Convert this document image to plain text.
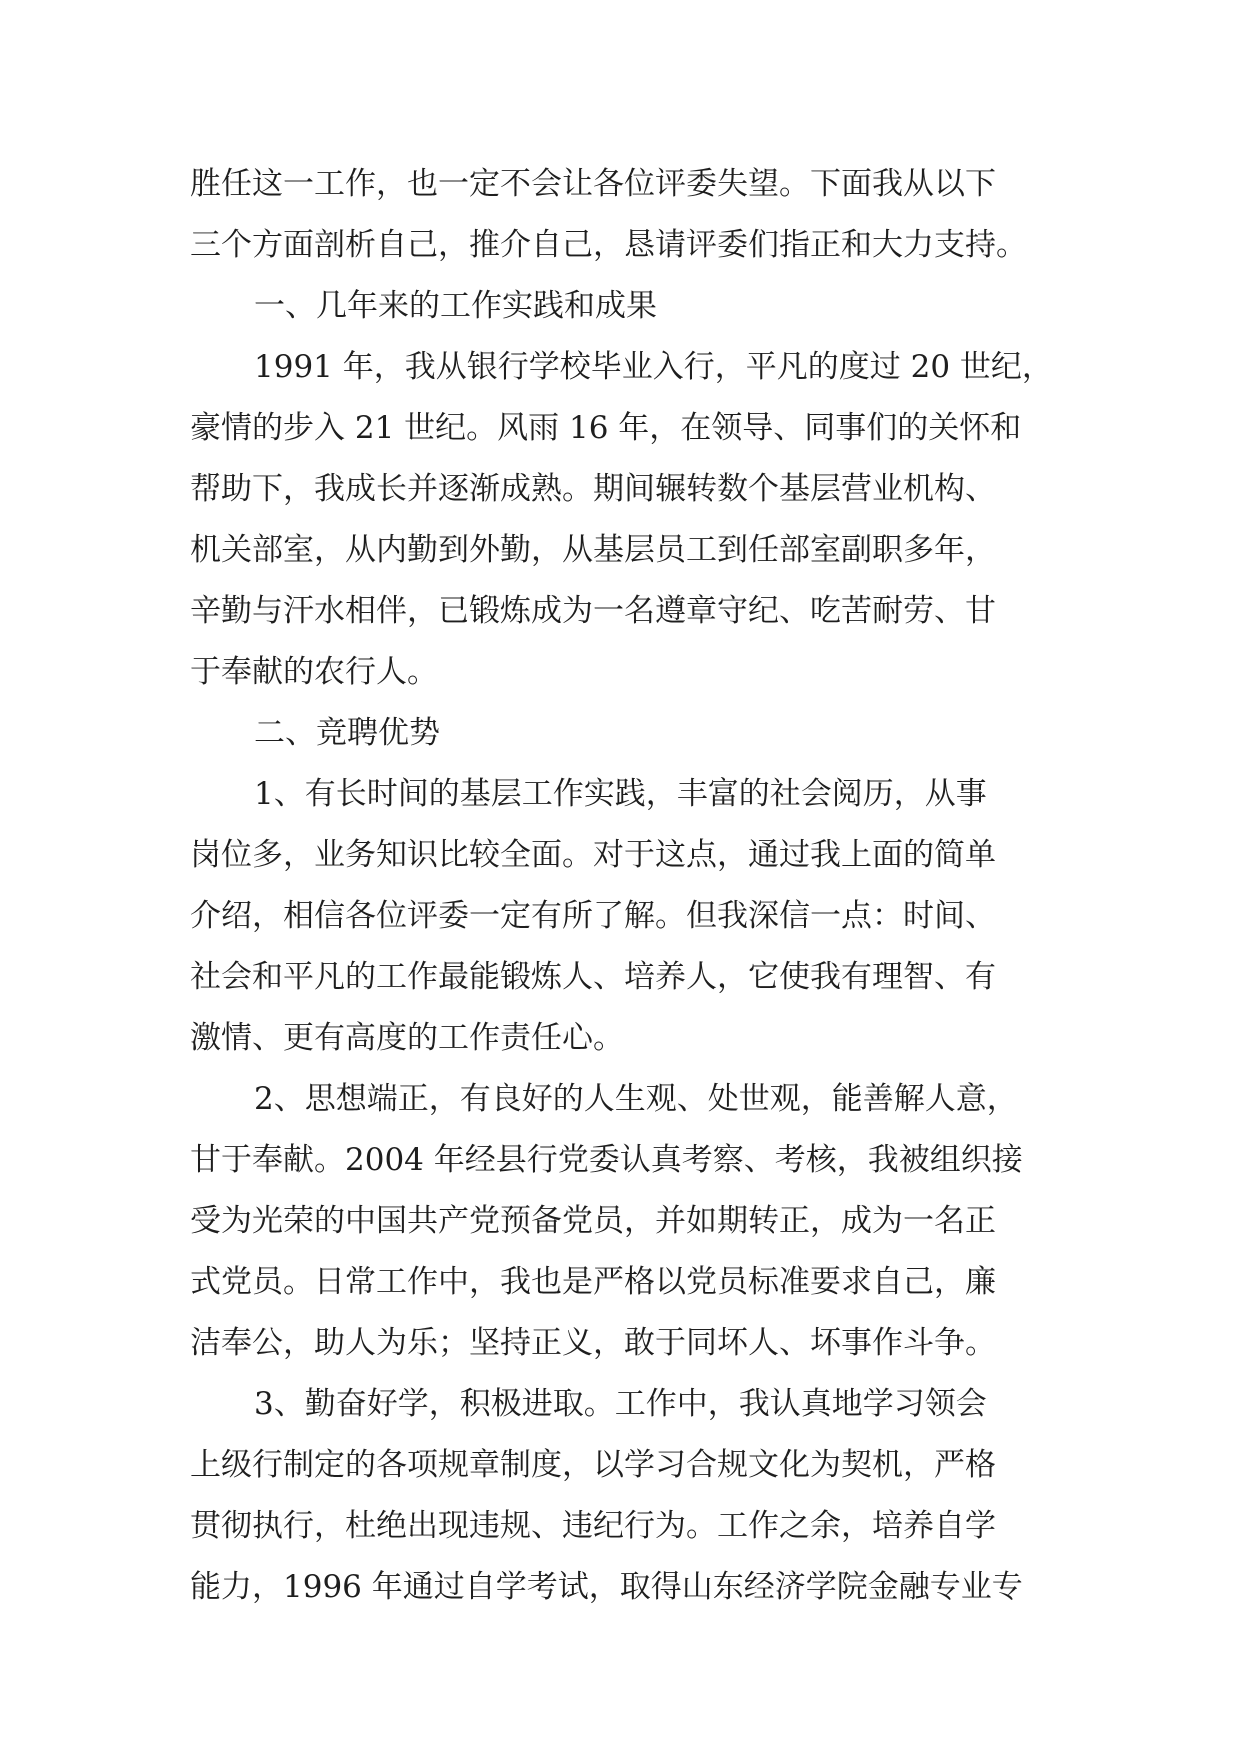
胜任这一工作，也一定不会让各位评委失望。下面我从以下
三个方面剖析自己，推介自己，恳请评委们指正和大力支持。
一、几年来的工作实践和成果
1991 年，我从银行学校毕业入行，平凡的度过 20 世纪，
豪情的步入 21 世纪。风雨 16 年，在领导、同事们的关怀和
帮助下，我成长并逐渐成熟。期间辗转数个基层营业机构、
机关部室，从内勤到外勤，从基层员工到任部室副职多年，
辛勤与汗水相伴，已锻炼成为一名遵章守纪、吃苦耐劳、甘
于奉献的农行人。
二、竞聘优势
1、有长时间的基层工作实践，丰富的社会阅历，从事
岗位多，业务知识比较全面。对于这点，通过我上面的简单
介绍，相信各位评委一定有所了解。但我深信一点：时间、
社会和平凡的工作最能锻炼人、培养人，它使我有理智、有
激情、更有高度的工作责任心。
2、思想端正，有良好的人生观、处世观，能善解人意，
甘于奉献。2004 年经县行党委认真考察、考核，我被组织接
受为光荣的中国共产党预备党员，并如期转正，成为一名正
式党员。日常工作中，我也是严格以党员标准要求自己，廉
洁奉公，助人为乐；坚持正义，敢于同坏人、坏事作斗争。
3、勤奋好学，积极进取。工作中，我认真地学习领会
上级行制定的各项规章制度，以学习合规文化为契机，严格
贯彻执行，杜绝出现违规、违纪行为。工作之余，培养自学
能力，1996 年通过自学考试，取得山东经济学院金融专业专
